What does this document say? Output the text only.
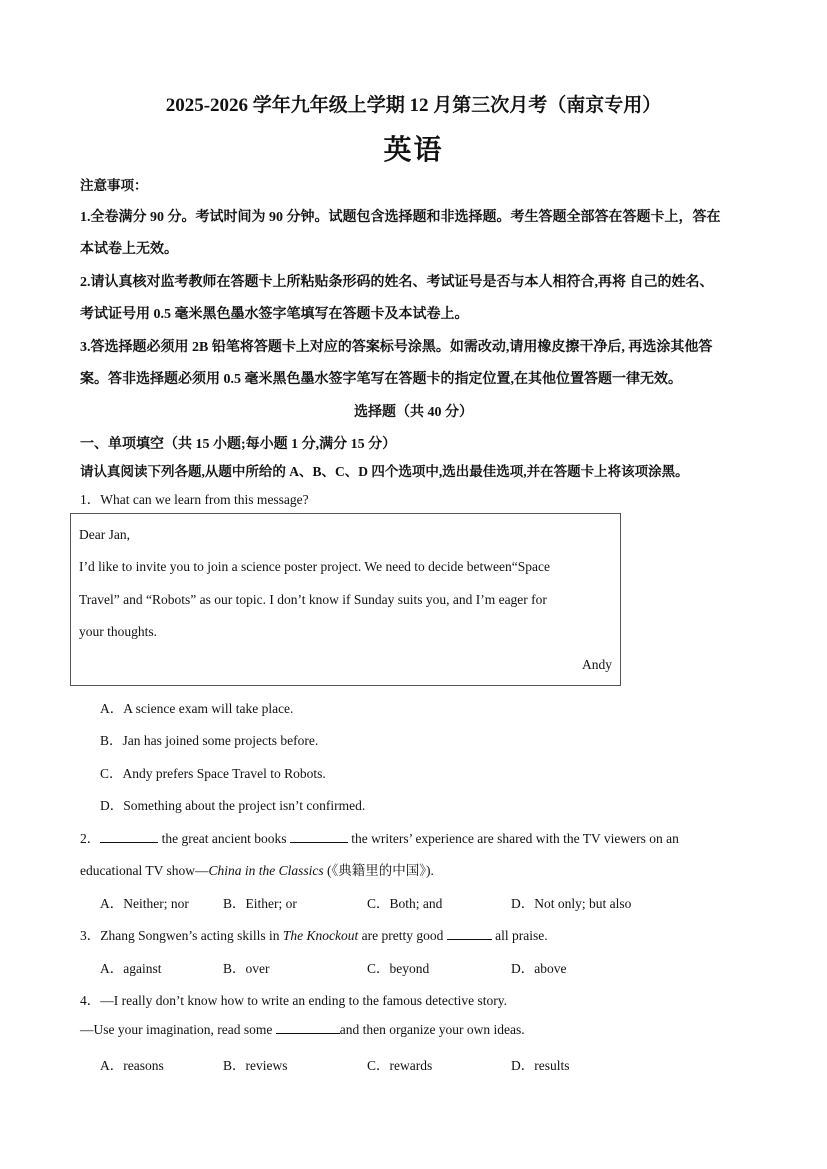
2025-2026 学年九年级上学期 12 月第三次月考（南京专用）
英语
注意事项：
1.全卷满分 90 分。考试时间为 90 分钟。试题包含选择题和非选择题。考生答题全部答在答题卡上，答在
本试卷上无效。
2.请认真核对监考教师在答题卡上所粘贴条形码的姓名、考试证号是否与本人相符合,再将 自己的姓名、
考试证号用 0.5 毫米黑色墨水签字笔填写在答题卡及本试卷上。
3.答选择题必须用 2B 铅笔将答题卡上对应的答案标号涂黑。如需改动,请用橡皮擦干净后, 再选涂其他答
案。答非选择题必须用 0.5 毫米黑色墨水签字笔写在答题卡的指定位置,在其他位置答题一律无效。
选择题（共 40 分）
一、单项填空（共 15 小题;每小题 1 分,满分 15 分）
请认真阅读下列各题,从题中所给的 A、B、C、D 四个选项中,选出最佳选项,并在答题卡上将该项涂黑。
1．What can we learn from this message?
Dear Jan,
I’d like to invite you to join a science poster project. We need to decide between“Space
Travel” and “Robots” as our topic. I don’t know if Sunday suits you, and I’m eager for
your thoughts.
Andy
A．A science exam will take place.
B．Jan has joined some projects before.
C．Andy prefers Space Travel to Robots.
D．Something about the project isn’t confirmed.
2．	the great ancient books	the writers’ experience are shared with the TV viewers on an
educational TV show—China in the Classics (《典籍里的中国》).
A．Neither; nor	B．Either; or	C．Both; and	D．Not only; but also
3．Zhang Songwen’s acting skills in The Knockout are pretty good	all praise.
A．against	B．over	C．beyond	D．above
4．—I really don’t know how to write an ending to the famous detective story.
—Use your imagination, read some	and then organize your own ideas.
A．reasons	B．reviews	C．rewards	D．results
